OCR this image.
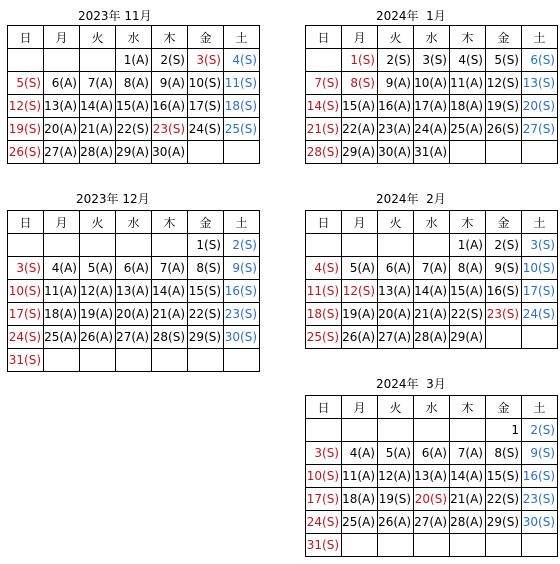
2023年 11月
日	月	火	水	木	金	土
			1(A)	2(S)	3(S)	4(S)
5(S)	6(A)	7(A)	8(A)	9(A)	10(S)	11(S)
12(S)	13(A)	14(A)	15(A)	16(A)	17(S)	18(S)
19(S)	20(A)	21(A)	22(S)	23(S)	24(S)	25(S)
26(S)	27(A)	28(A)	29(A)	30(A)		
2024年  1月
日	月	火	水	木	金	土
	1(S)	2(S)	3(S)	4(S)	5(S)	6(S)
7(S)	8(S)	9(A)	10(A)	11(A)	12(S)	13(S)
14(S)	15(A)	16(A)	17(A)	18(A)	19(S)	20(S)
21(S)	22(A)	23(A)	24(A)	25(A)	26(S)	27(S)
28(S)	29(A)	30(A)	31(A)			
2023年 12月
日	月	火	水	木	金	土
					1(S)	2(S)
3(S)	4(A)	5(A)	6(A)	7(A)	8(S)	9(S)
10(S)	11(A)	12(A)	13(A)	14(A)	15(S)	16(S)
17(S)	18(A)	19(A)	20(A)	21(A)	22(S)	23(S)
24(S)	25(A)	26(A)	27(A)	28(S)	29(S)	30(S)
31(S)						
2024年  2月
日	月	火	水	木	金	土
				1(A)	2(S)	3(S)
4(S)	5(A)	6(A)	7(A)	8(A)	9(S)	10(S)
11(S)	12(S)	13(A)	14(A)	15(A)	16(S)	17(S)
18(S)	19(A)	20(A)	21(A)	22(S)	23(S)	24(S)
25(S)	26(A)	27(A)	28(A)	29(A)		
2024年  3月
日	月	火	水	木	金	土
					1	2(S)
3(S)	4(A)	5(A)	6(A)	7(A)	8(S)	9(S)
10(S)	11(A)	12(A)	13(A)	14(A)	15(S)	16(S)
17(S)	18(A)	19(S)	20(S)	21(A)	22(S)	23(S)
24(S)	25(A)	26(A)	27(A)	28(A)	29(S)	30(S)
31(S)						
